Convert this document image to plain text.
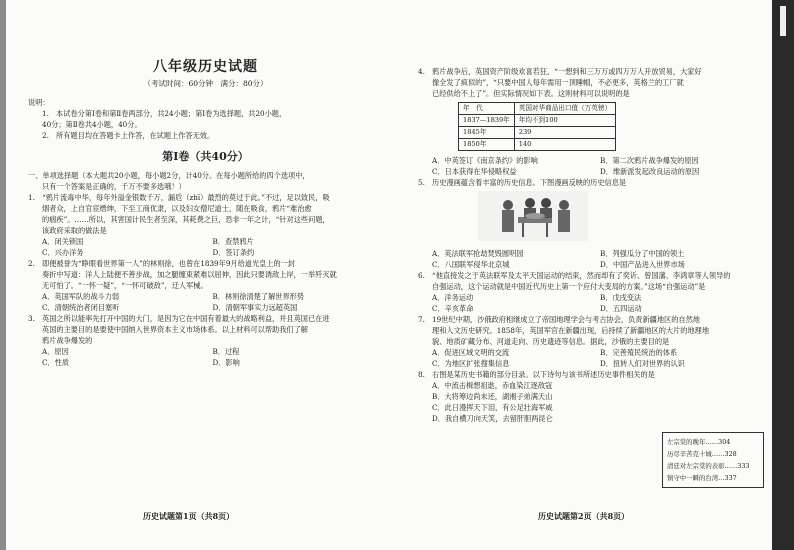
八年级历史试题
（考试时间：60分钟　满分：80分）
说明：
1.　本试卷分第Ⅰ卷和第Ⅱ卷两部分，共24小题；第Ⅰ卷为选择题，共20小题，
40分；第Ⅱ卷共4小题，40分。
2.　所有题目均在答题卡上作答，在试题上作答无效。
第Ⅰ卷（共40分）
一、单项选择题（本大题共20小题，每小题2分，计40分。在每小题所给的四个选项中，
只有一个答案是正确的，千万不要多选哦！）
1.　“鸦片流毒中华，每年外溢金银数千万，漏卮（zhī）最烈的莫过于此。”不过，足以致民，吸
烟者众，上自官宦缙绅，下至工商优隶，以及妇女僧尼道士，随在吸食，鸦片“难治愈
的痼疾”。……所以，其害国计民生者至深，其耗费之巨，恐非一年之计，“针对这些问题，
该政府采取的做法是
A．闭关锁国	B．查禁鸦片
C．兴办洋务	D．签订条约
2.　即便被誉为“睁眼看世界第一人”的林则徐，也曾在1839年9月给道光皇上的一封
奏折中写道：洋人上陆便不善步战，加之腿缠束紧难以屈伸，因此只要诱敌上岸，一举歼灭就
无可怕了。“一怀一疑”，“一怀可破敌”，迂人军械。
A．英国军队的战斗力弱	B．林则徐清楚了解世界形势
C．清朝统治者闭目塞听	D．清朝军事实力远超英国
3.　英国之所以能率先打开中国的大门，是因为它在中国有着最大的战略利益，并且英国已在进
英国的主要目的是要使中国纳入世界资本主义市场体系。以上材料可以帮助我们了解
鸦片战争爆发的
A．原因	B．过程
C．性质	D．影响
历史试题第1页（共8页）
4.　鸦片战争后，英国资产阶级欢喜若狂，“一想到和三万万或四万万人开放贸易，大家好
像全发了疯似的”，“只要中国人每年需用一顶睡帽，不必更多，英格兰的工厂就
已经供给不上了”。但实际情况如下表。这则材料可以说明的是
年　代	英国对华商品出口值（万英镑）
1837—1839年	年均不到100
1845年	239
1850年	140
A．中英签订《南京条约》的影响	B．第二次鸦片战争爆发的原因
C．日本获得在华侵略权益	D．维新派发起改良运动的原因
5.　历史漫画蕴含着丰富的历史信息。下图漫画反映的历史信息是
A．英法联军抢劫焚毁圆明园	B．列强瓜分了中国的领土
C．八国联军侵华北京城	D．中国产品进入世界市场
6.　“他直接发之于英法联军及太平天国运动的结束，然而却有了奕䜣、曾国藩、李鸿章等人领导的
自强运动，这个运动就是中国近代历史上第一个应付大变局的方案。”这场“自强运动”是
A．洋务运动	B．戊戌变法
C．辛亥革命	D．五四运动
7.　19世纪中期，沙俄政府相继成立了帝国地理学会与考古协会，负责新疆地区的自然地
理和人文历史研究。1858年，英国军官在新疆出现，后持续了新疆地区的大片的地理地
貌、地质矿藏分布、河道走向、历史遗迹等信息。据此，沙俄的主要目的是
A．促进区域文明的交流	B．完善殖民统治的体系
C．为地区扩张搜集信息	D．扭转人们对世界的认识
8.　右图是某历史书籍的部分目录。以下诗句与该书所述历史事件相关的是
A．中流击楫想祖逖，赤血染江逐敌寇
B．大将筹边尚未还，湖湘子弟满天山
C．此日漫挥天下泪，有公足壮海军威
D．我自横刀向天笑，去留肝胆两昆仑
历史试题第2页（共8页）
左宗棠的晚年……304
历尽辛苦克十城……328
清廷对左宗棠的表彰……333
镇守中一瞬的台湾…337
